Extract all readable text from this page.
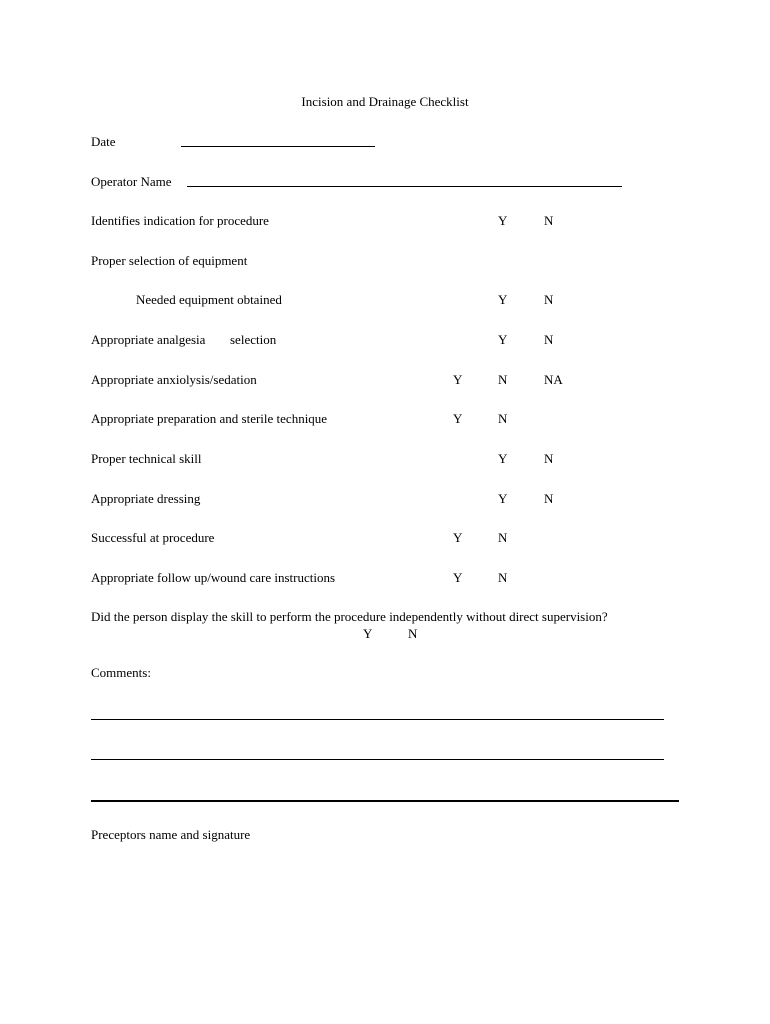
Incision and Drainage Checklist
Date
Operator Name
Identifies indication for procedure	Y	N
Proper selection of equipment
Needed equipment obtained	Y	N
Appropriate analgesia selection	Y	N
Appropriate anxiolysis/sedation	Y	N	NA
Appropriate preparation and sterile technique	Y	N
Proper technical skill	Y	N
Appropriate dressing	Y	N
Successful at procedure	Y	N
Appropriate follow up/wound care instructions	Y	N
Did the person display the skill to perform the procedure independently without direct supervision?
Y	N
Comments:
Preceptors name and signature
